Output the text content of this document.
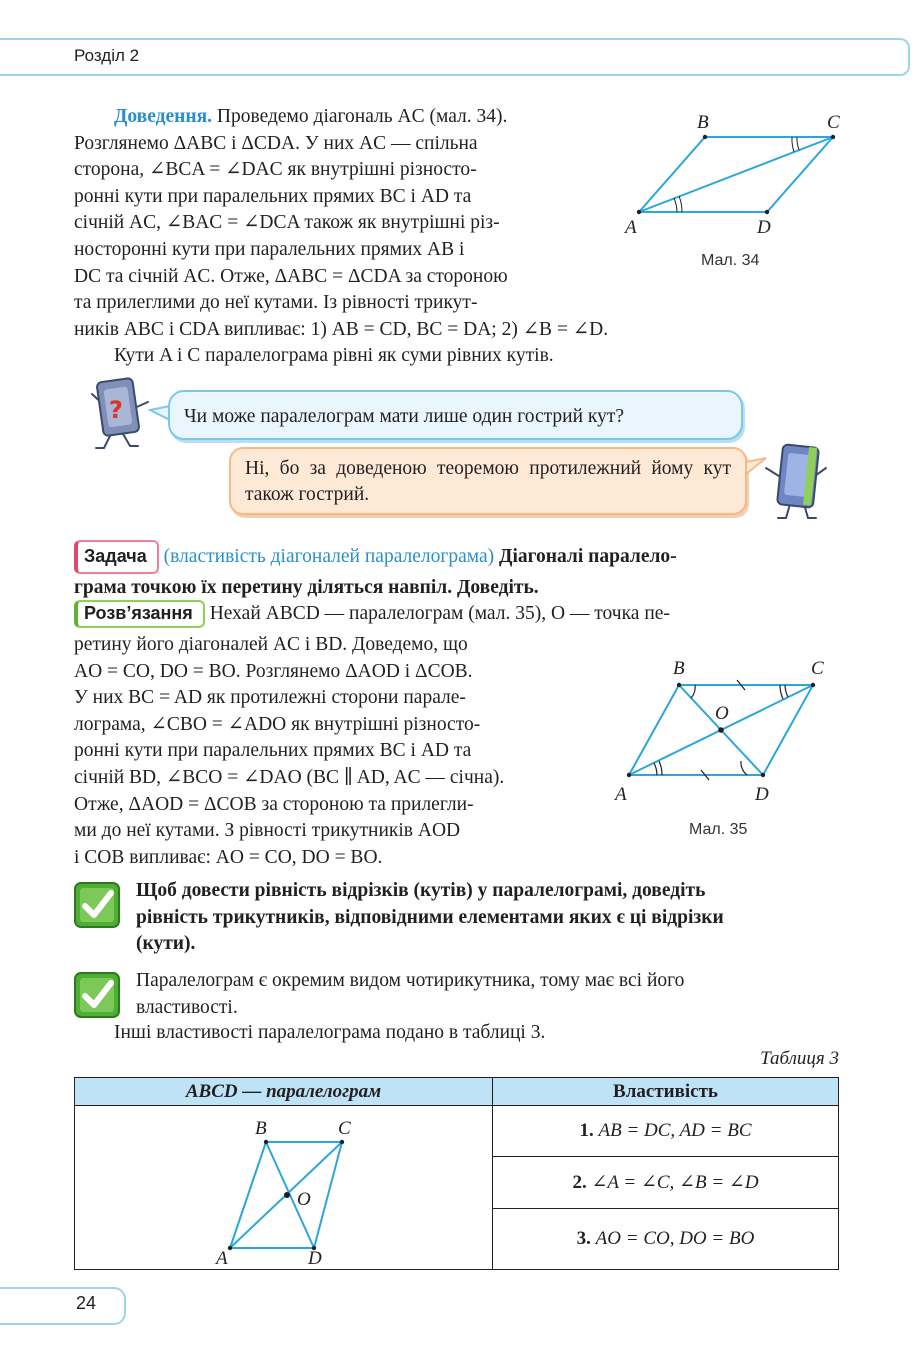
Розділ 2
Доведення. Проведемо діагональ AC (мал. 34).
Розглянемо ΔABC і ΔCDA. У них AC — спільна
сторона, ∠BCA = ∠DAC як внутрішні різносто-
ронні кути при паралельних прямих BC і AD та
січній AC, ∠BAC = ∠DCA також як внутрішні різ-
носторонні кути при паралельних прямих AB і
DC та січній AC. Отже, ΔABC = ΔCDA за стороною
та прилеглими до неї кутами. Із рівності трикут-
ників ABC і CDA випливає: 1) AB = CD, BC = DA; 2) ∠B = ∠D.
Кути A і C паралелограма рівні як суми рівних кутів.
B	C
A	D
Мал. 34
?	Чи може паралелограм мати лише один гострий кут?
Ні, бо за доведеною теоремою протилежний йому кут також гострий.
Задача (властивість діагоналей паралелограма) Діагоналі паралело-
грама точкою їх перетину діляться навпіл. Доведіть.
Розв’язання Нехай ABCD — паралелограм (мал. 35), O — точка пе-
ретину його діагоналей AC і BD. Доведемо, що
AO = CO, DO = BO. Розглянемо ΔAOD і ΔCOB.
У них BC = AD як протилежні сторони парале-
лограма, ∠CBO = ∠ADO як внутрішні різносто-
ронні кути при паралельних прямих BC і AD та
січній BD, ∠BCO = ∠DAO (BC ∥ AD, AC — січна).
Отже, ΔAOD = ΔCOB за стороною та прилегли-
ми до неї кутами. З рівності трикутників AOD
і COB випливає: AO = CO, DO = BO.
B	C
O
A	D
Мал. 35
Щоб довести рівність відрізків (кутів) у паралелограмі, доведіть
рівність трикутників, відповідними елементами яких є ці відрізки
(кути).
Паралелограм є окремим видом чотирикутника, тому має всі його
властивості.
Інші властивості паралелограма подано в таблиці 3.
Таблиця 3
ABCD — паралелограм	Властивість

B C
O
A D	1. AB = DC, AD = BC
	2. ∠A = ∠C, ∠B = ∠D
	3. AO = CO, DO = BO
24
